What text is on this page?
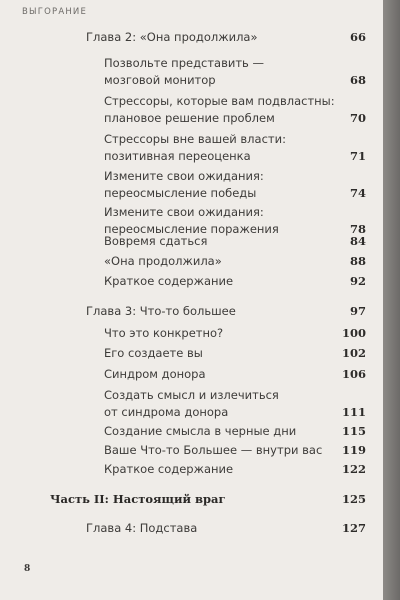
ВЫГОРАНИЕ
Глава 2: «Она продолжила»	66
Позвольте представить —
мозговой монитор	68
Стрессоры, которые вам подвластны:
плановое решение проблем	70
Стрессоры вне вашей власти:
позитивная переоценка	71
Измените свои ожидания:
переосмысление победы	74
Измените свои ожидания:
переосмысление поражения	78
Вовремя сдаться	84
«Она продолжила»	88
Краткое содержание	92
Глава 3: Что-то большее	97
Что это конкретно?	100
Его создаете вы	102
Синдром донора	106
Создать смысл и излечиться
от синдрома донора	111
Создание смысла в черные дни	115
Ваше Что-то Большее — внутри вас 119
Краткое содержание	122
Часть II: Настоящий враг	125
Глава 4: Подстава	127
8
